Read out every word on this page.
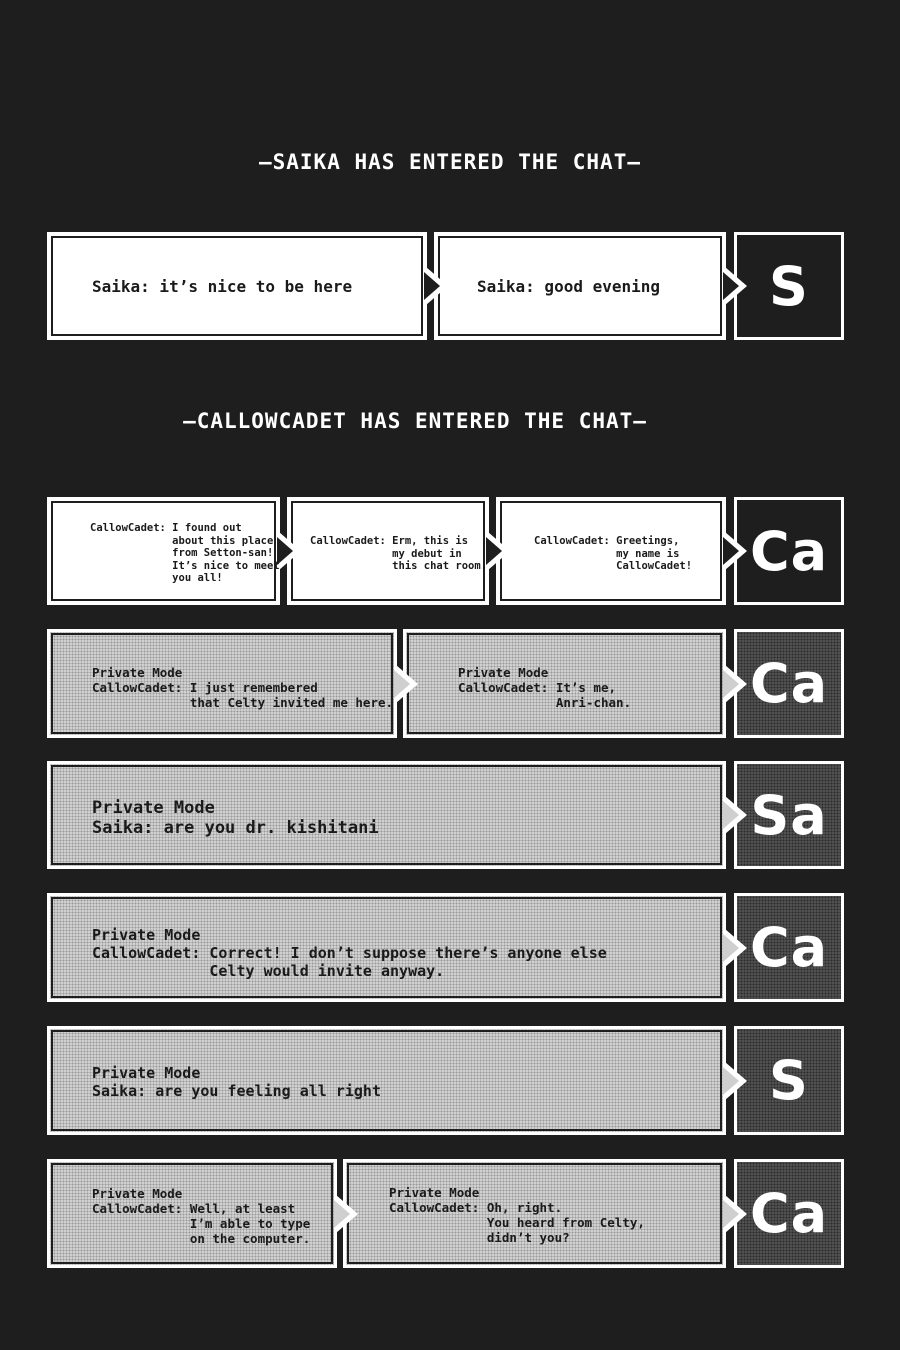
—SAIKA HAS ENTERED THE CHAT—
—CALLOWCADET HAS ENTERED THE CHAT—
Saika: it’s nice to be here	Saika: good evening	S
CallowCadet: I found out
about this place
from Setton-san!
It’s nice to meet
you all!
CallowCadet: Erm, this is
my debut in
this chat room.
CallowCadet: Greetings,
my name is
CallowCadet! Ca
Private Mode
CallowCadet: I just remembered
that Celty invited me here.
Private Mode
CallowCadet: It’s me,
Anri-chan. Ca
Private Mode
Saika: are you dr. kishitani	Sa
Private Mode
CallowCadet: Correct! I don’t suppose there’s anyone else
Celty would invite anyway.	Ca
Private Mode
Saika: are you feeling all right	S
Private Mode
CallowCadet: Well, at least
I’m able to type
on the computer.
Private Mode
CallowCadet: Oh, right.
You heard from Celty,
didn’t you?	Ca
